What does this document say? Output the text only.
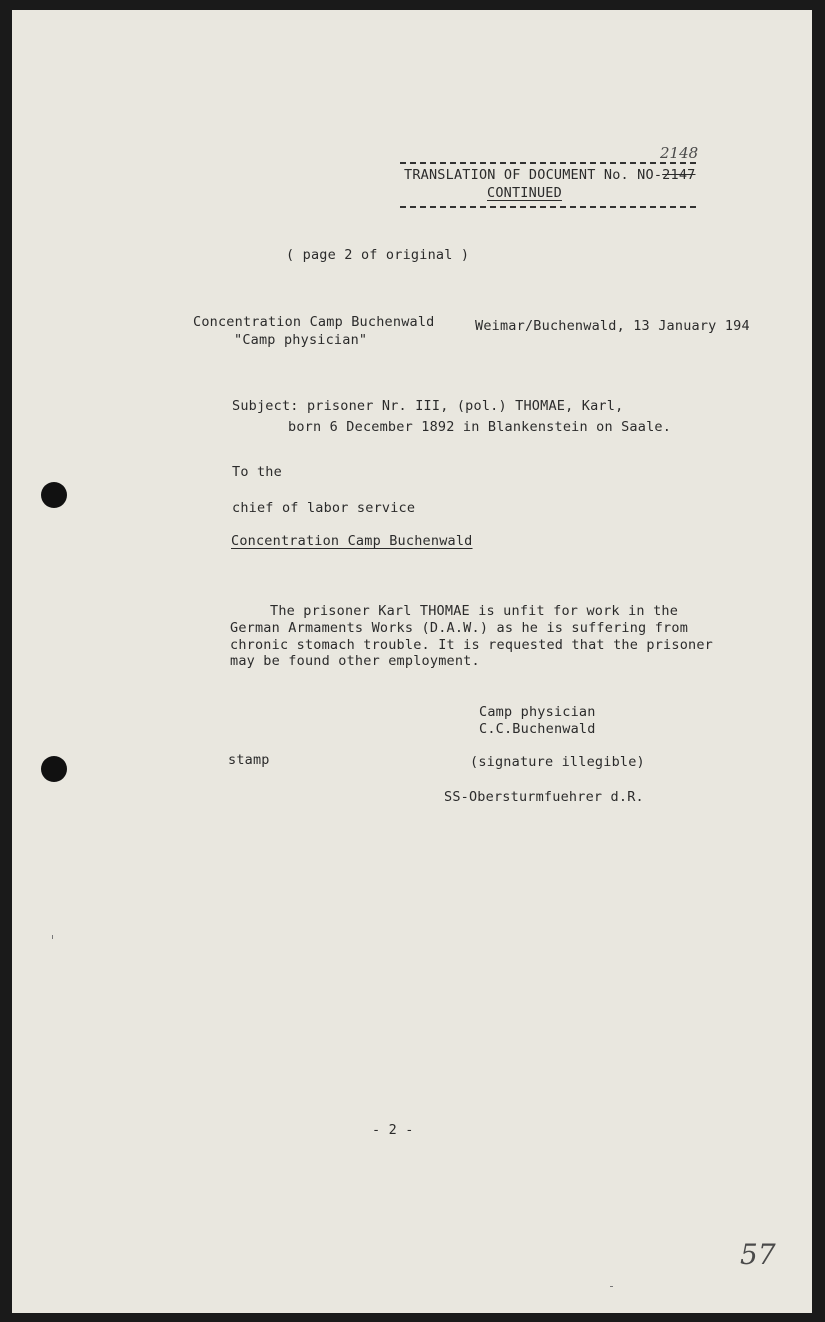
2148
TRANSLATION OF DOCUMENT No. NO-2147
CONTINUED
( page 2 of original )
Concentration Camp Buchenwald
"Camp physician"
Weimar/Buchenwald, 13 January 194
Subject: prisoner Nr. III, (pol.) THOMAE, Karl,
born 6 December 1892 in Blankenstein on Saale.
To the
chief of labor service
Concentration Camp Buchenwald
The prisoner Karl THOMAE is unfit for work in the
German Armaments Works (D.A.W.) as he is suffering from
chronic stomach trouble. It is requested that the prisoner
may be found other employment.
Camp physician
C.C.Buchenwald
(signature illegible)
SS-Obersturmfuehrer d.R.
stamp
- 2 -
57
